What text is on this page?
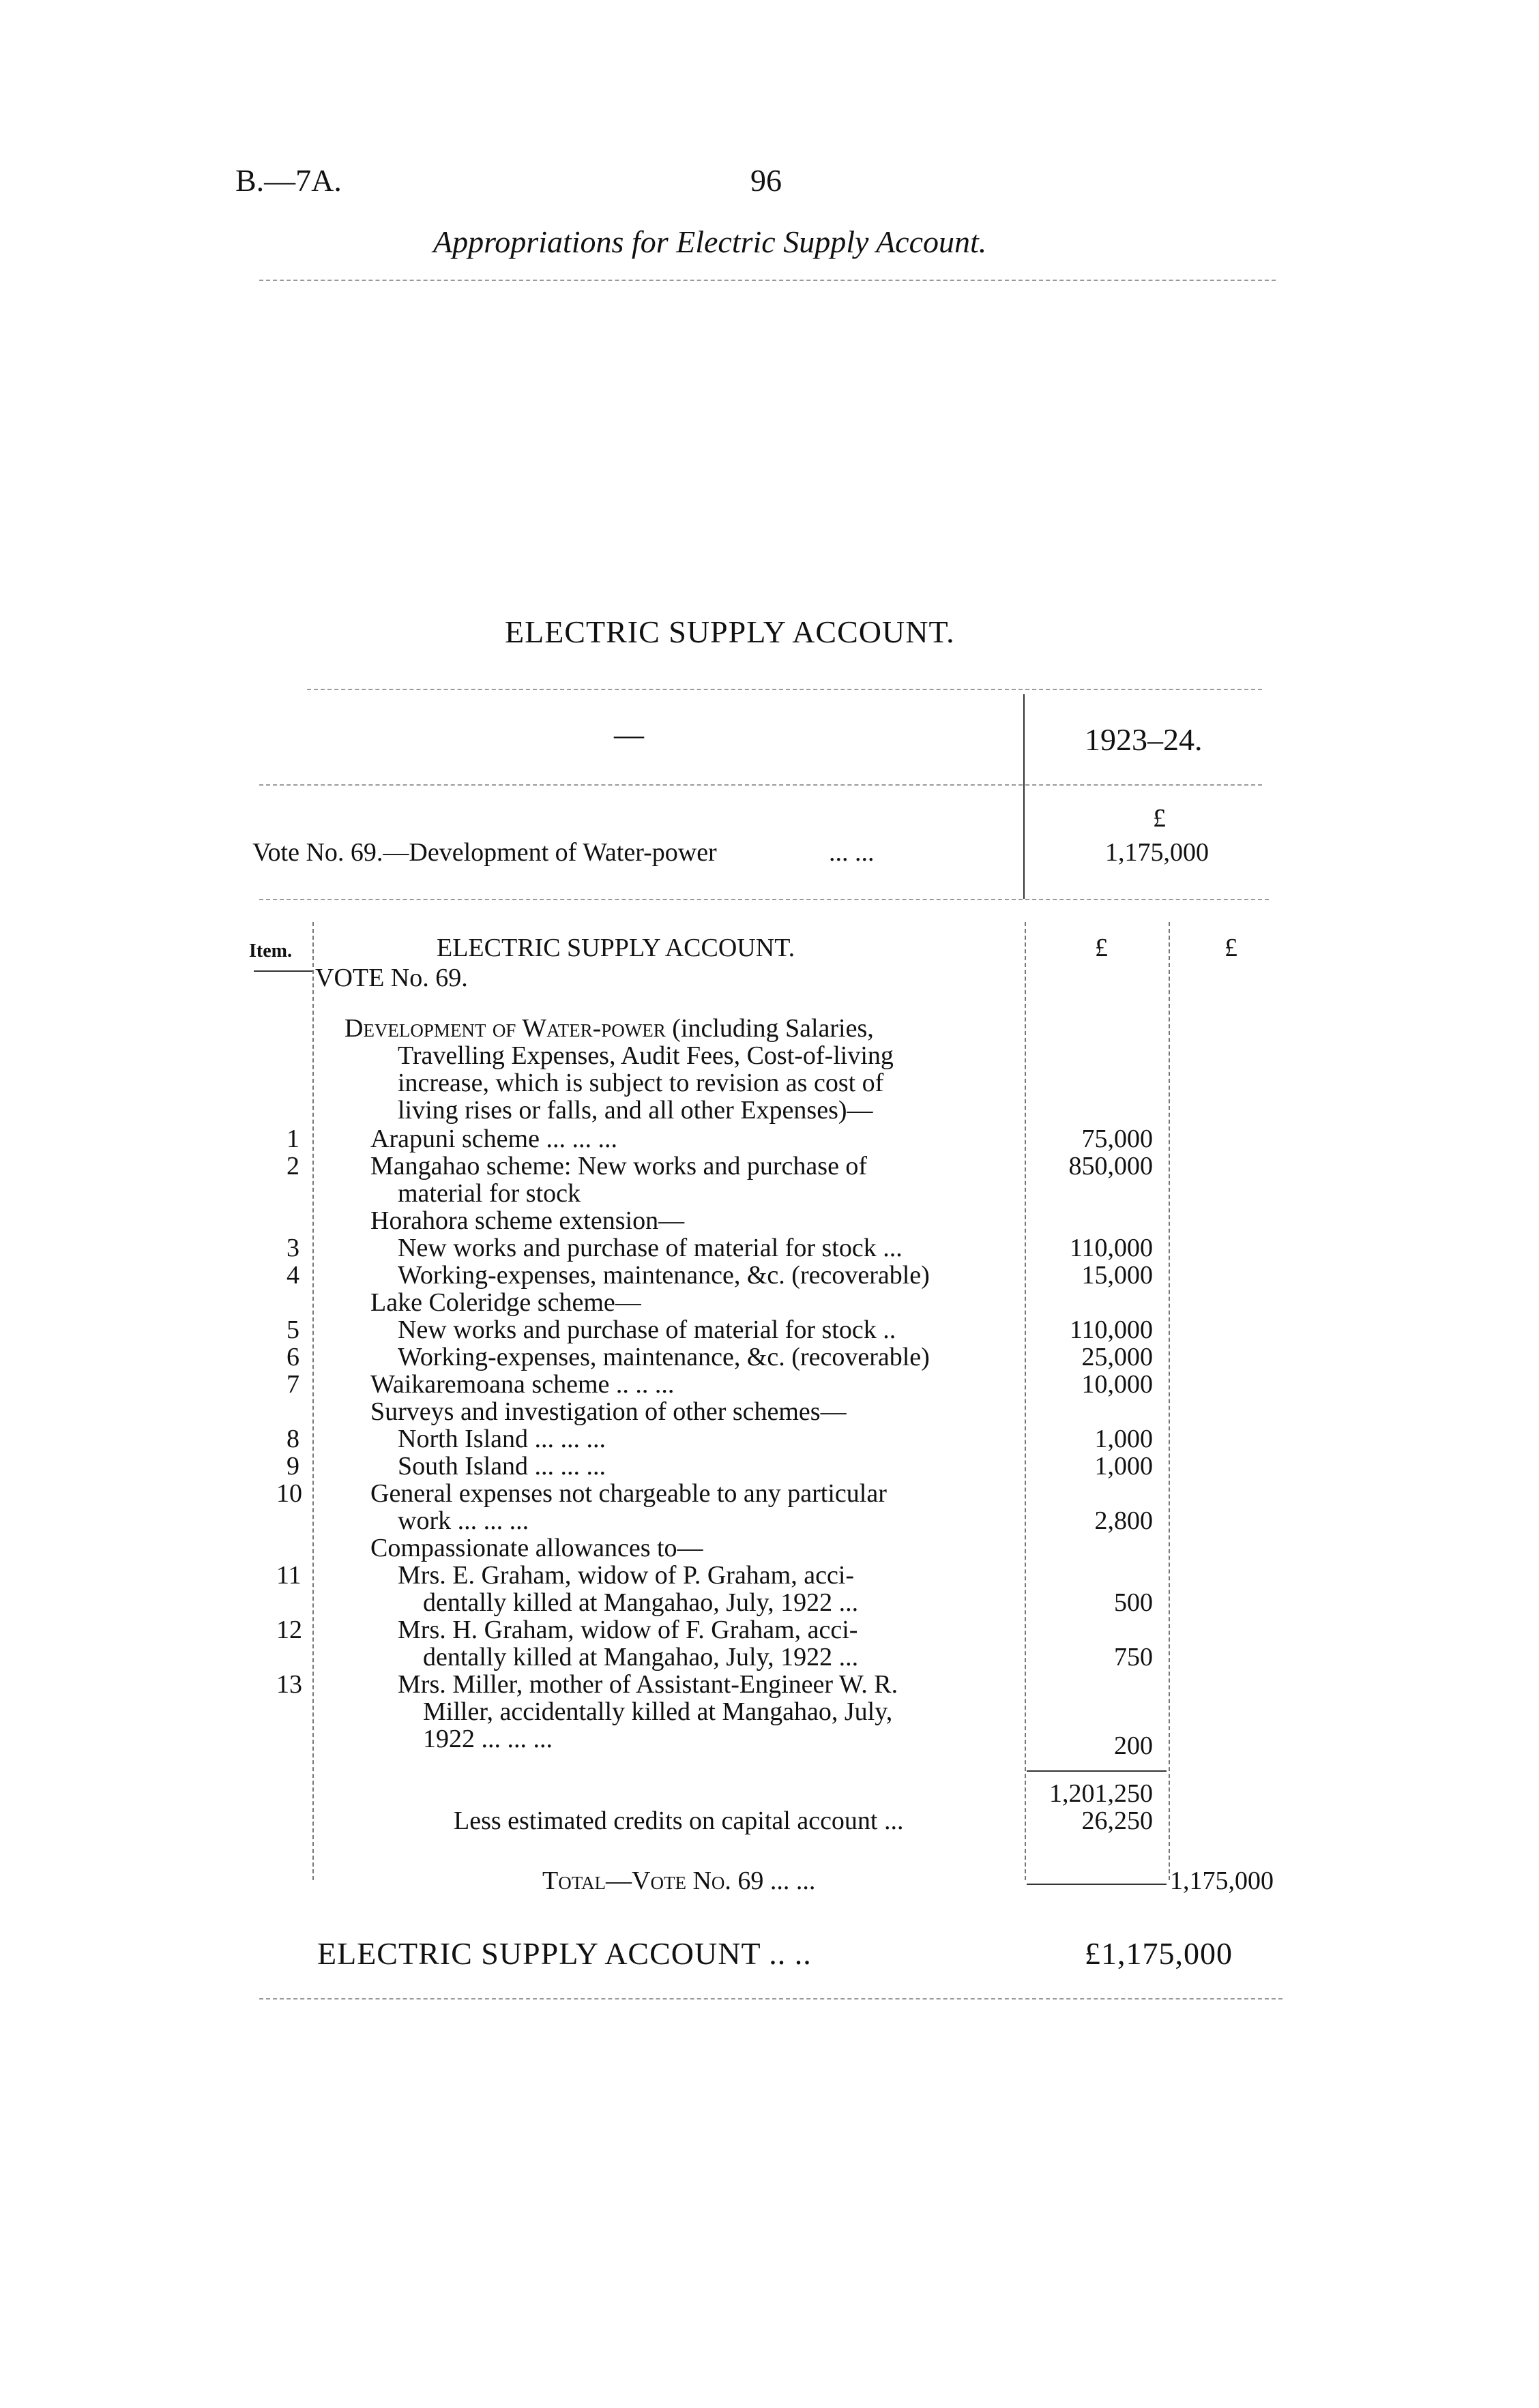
B.—7A.	96
Appropriations for Electric Supply Account.
ELECTRIC SUPPLY ACCOUNT.
—	1923–24.
£
Vote No. 69.—Development of Water-power	... ...	1,175,000
Item.	ELECTRIC SUPPLY ACCOUNT.	£	£
VOTE No. 69.
Development of Water-power (including Salaries,
Travelling Expenses, Audit Fees, Cost-of-living
increase, which is subject to revision as cost of
living rises or falls, and all other Expenses)—
1	Arapuni scheme ... ... ...	75,000
2	Mangahao scheme: New works and purchase of	850,000
material for stock
Horahora scheme extension—
3	New works and purchase of material for stock ...	110,000
4	Working-expenses, maintenance, &c. (recoverable)	15,000
Lake Coleridge scheme—
5	New works and purchase of material for stock ..	110,000
6	Working-expenses, maintenance, &c. (recoverable)	25,000
7	Waikaremoana scheme .. .. ...	10,000
Surveys and investigation of other schemes—
8	North Island ... ... ...	1,000
9	South Island ... ... ...	1,000
10	General expenses not chargeable to any particular
work ... ... ...	2,800
Compassionate allowances to—
11	Mrs. E. Graham, widow of P. Graham, acci-
dentally killed at Mangahao, July, 1922 ...	500
12	Mrs. H. Graham, widow of F. Graham, acci-
dentally killed at Mangahao, July, 1922 ...	750
13	Mrs. Miller, mother of Assistant-Engineer W. R.
Miller, accidentally killed at Mangahao, July,
1922 ... ... ...	200
1,201,250
Less estimated credits on capital account ...	26,250
Total—Vote No. 69 ... ...	1,175,000
ELECTRIC SUPPLY ACCOUNT .. ..	£1,175,000
